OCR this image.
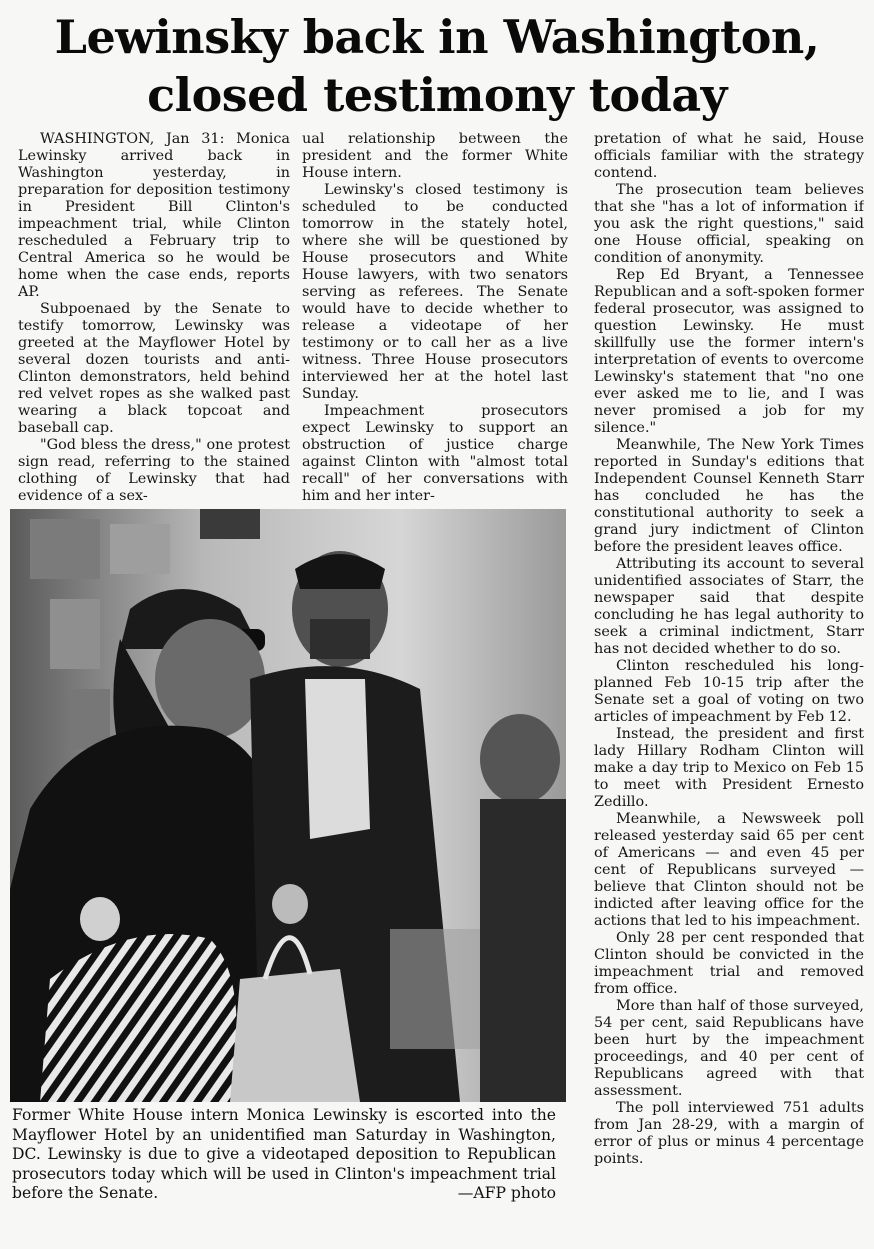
Lewinsky back in Washington, closed testimony today

WASHINGTON, Jan 31: Monica Lewinsky arrived back in Washington yesterday, in preparation for deposition testimony in President Bill Clinton's impeachment trial, while Clinton rescheduled a February trip to Central America so he would be home when the case ends, reports AP.

Subpoenaed by the Senate to testify tomorrow, Lewinsky was greeted at the Mayflower Hotel by several dozen tourists and anti-Clinton demonstrators, held behind red velvet ropes as she walked past wearing a black topcoat and baseball cap.

"God bless the dress," one protest sign read, referring to the stained clothing of Lewinsky that had evidence of a sex-

ual relationship between the president and the former White House intern.

Lewinsky's closed testimony is scheduled to be conducted tomorrow in the stately hotel, where she will be questioned by House prosecutors and White House lawyers, with two senators serving as referees. The Senate would have to decide whether to release a videotape of her testimony or to call her as a live witness. Three House prosecutors interviewed her at the hotel last Sunday.

Impeachment prosecutors expect Lewinsky to support an obstruction of justice charge against Clinton with "almost total recall" of her conversations with him and her inter-

pretation of what he said, House officials familiar with the strategy contend.

The prosecution team believes that she "has a lot of information if you ask the right questions," said one House official, speaking on condition of anonymity.

Rep Ed Bryant, a Tennessee Republican and a soft-spoken former federal prosecutor, was assigned to question Lewinsky. He must skillfully use the former intern's interpretation of events to overcome Lewinsky's statement that "no one ever asked me to lie, and I was never promised a job for my silence."

Meanwhile, The New York Times reported in Sunday's editions that Independent Counsel Kenneth Starr has concluded he has the constitutional authority to seek a grand jury indictment of Clinton before the president leaves office.

Attributing its account to several unidentified associates of Starr, the newspaper said that despite concluding he has legal authority to seek a criminal indictment, Starr has not decided whether to do so.

Clinton rescheduled his long-planned Feb 10-15 trip after the Senate set a goal of voting on two articles of impeachment by Feb 12.

Instead, the president and first lady Hillary Rodham Clinton will make a day trip to Mexico on Feb 15 to meet with President Ernesto Zedillo.

Meanwhile, a Newsweek poll released yesterday said 65 per cent of Americans — and even 45 per cent of Republicans surveyed — believe that Clinton should not be indicted after leaving office for the actions that led to his impeachment.

Only 28 per cent responded that Clinton should be convicted in the impeachment trial and removed from office.

More than half of those surveyed, 54 per cent, said Republicans have been hurt by the impeachment proceedings, and 40 per cent of Republicans agreed with that assessment.

The poll interviewed 751 adults from Jan 28-29, with a margin of error of plus or minus 4 percentage points.

Former White House intern Monica Lewinsky is escorted into the Mayflower Hotel by an unidentified man Saturday in Washington, DC. Lewinsky is due to give a videotaped deposition to Republican prosecutors today which will be used in Clinton's impeachment trial before the Senate.	—AFP photo
